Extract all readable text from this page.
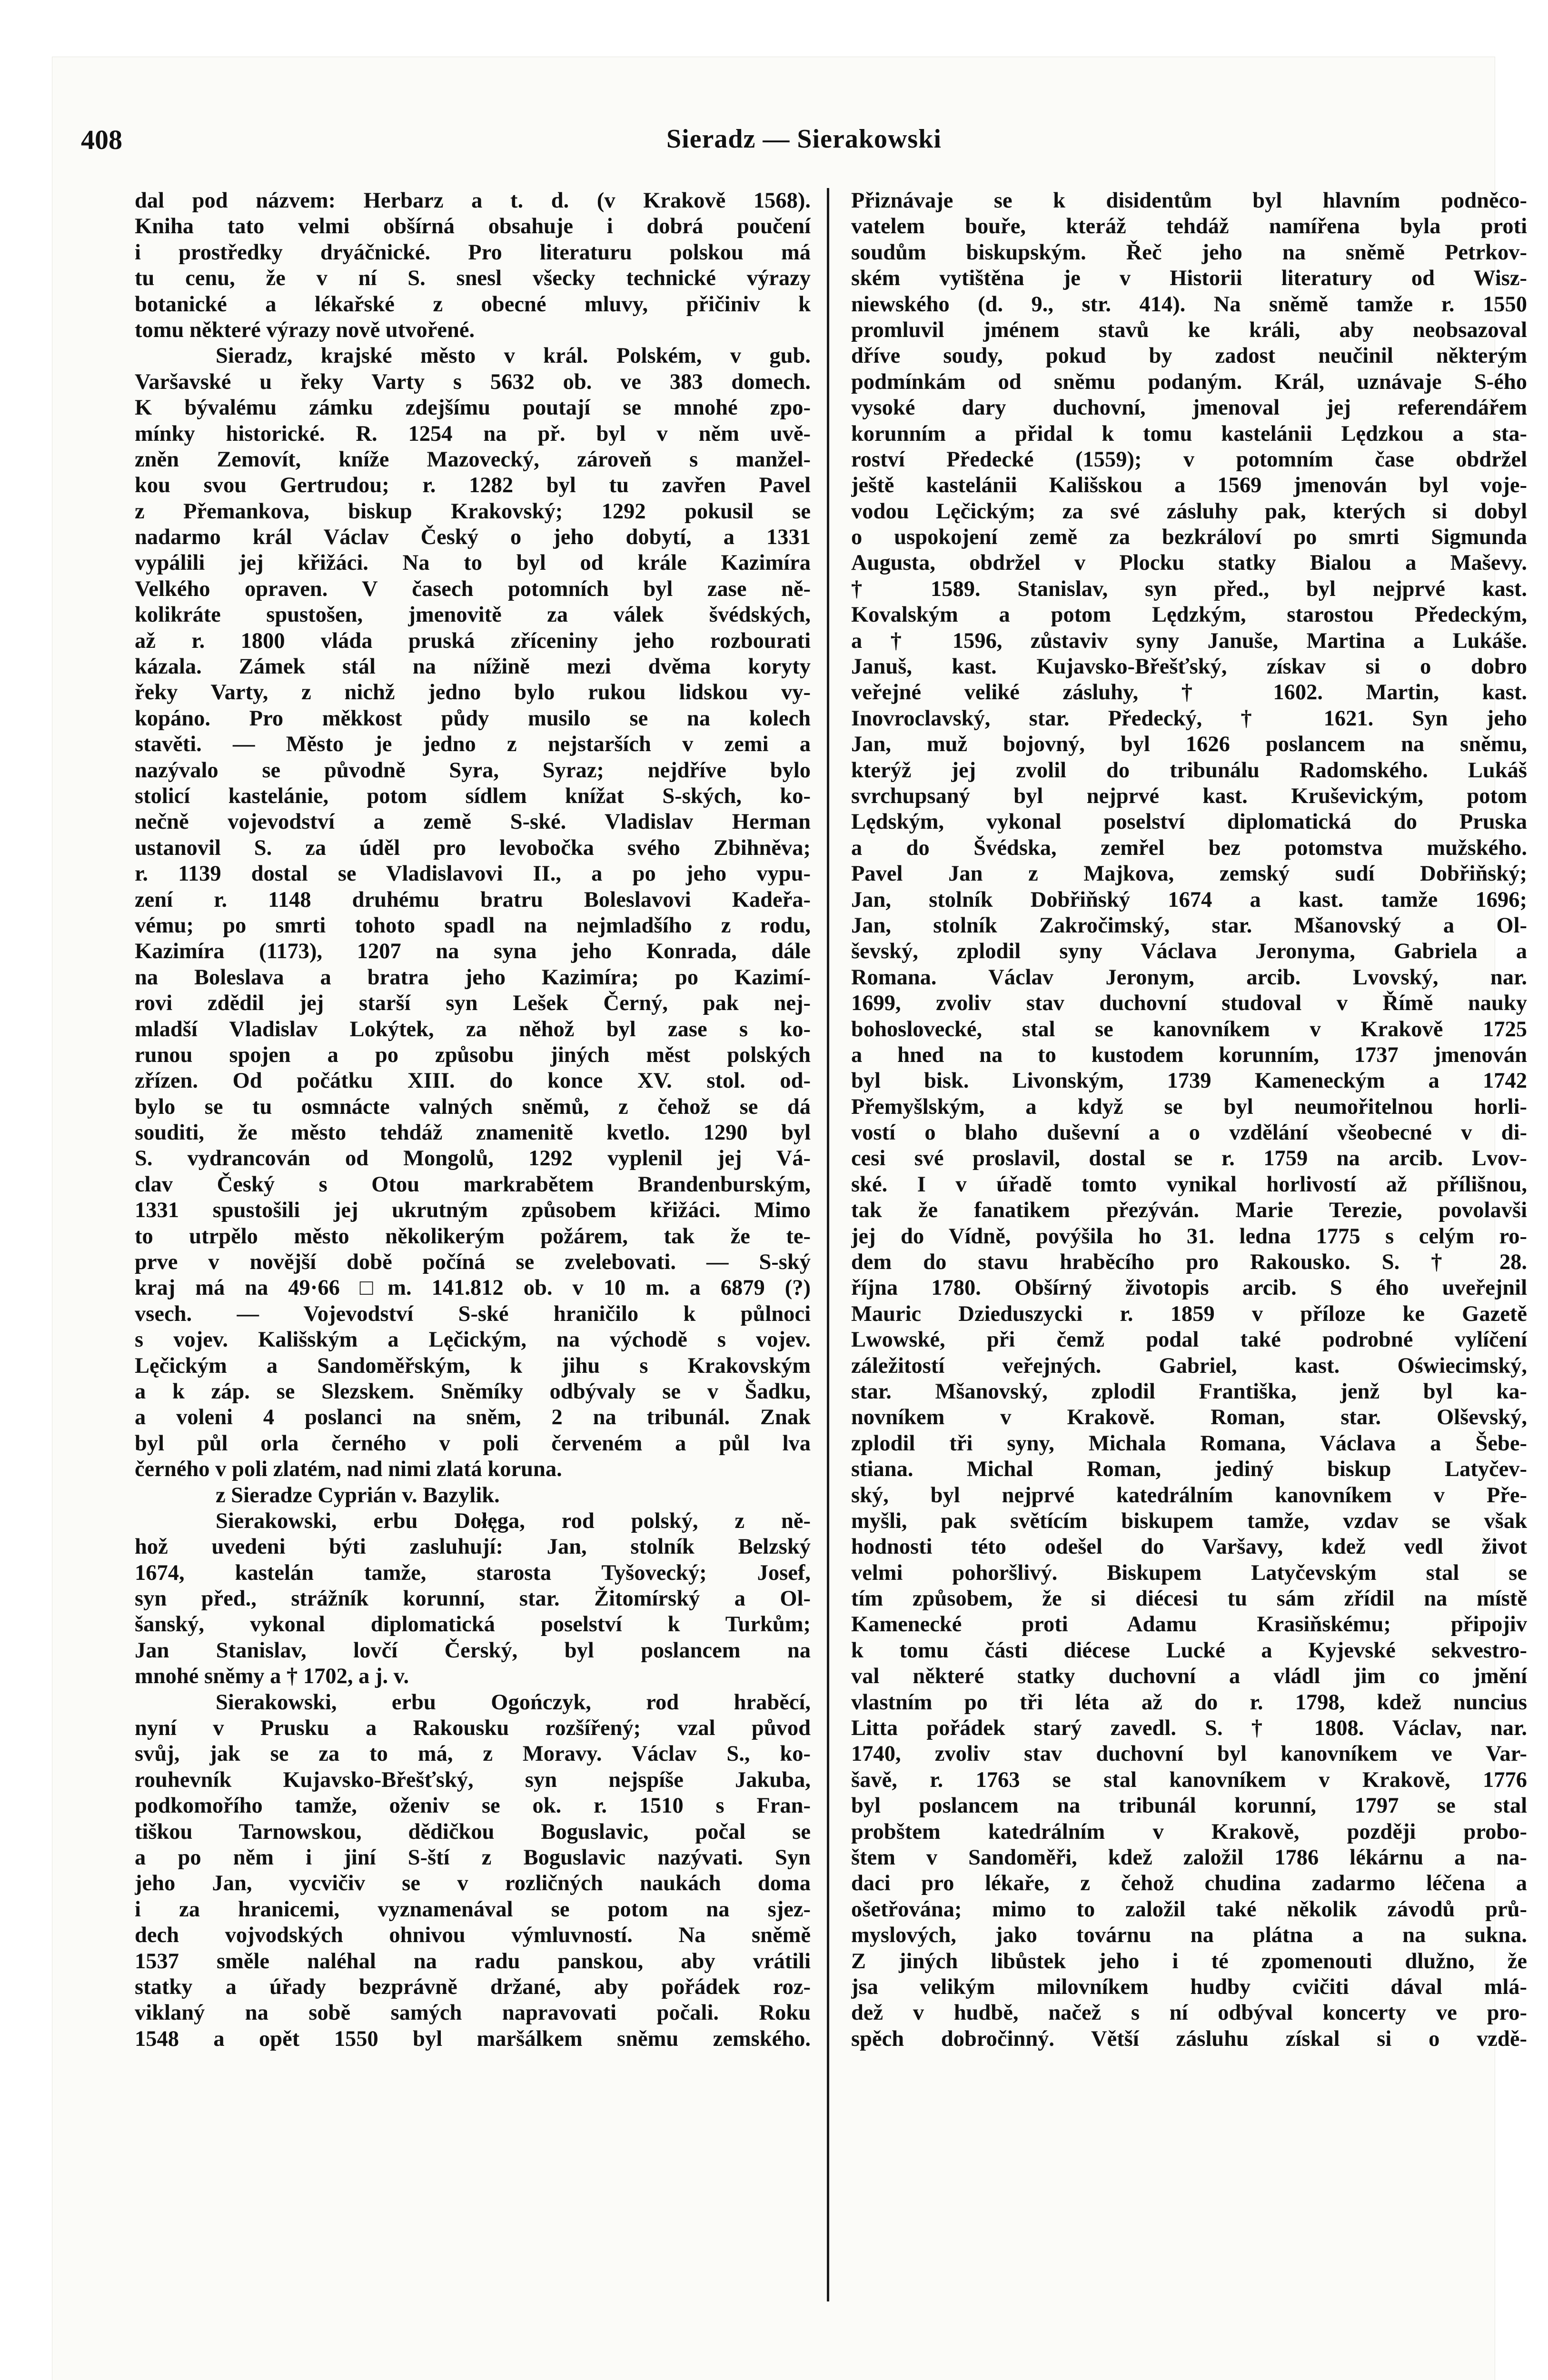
408	Sieradz — Sierakowski
dal pod názvem: Herbarz a t. d. (v Krakově 1568).
Kniha tato velmi obšírná obsahuje i dobrá poučení
i prostředky dryáčnické. Pro literaturu polskou má
tu cenu, že v ní S. snesl všecky technické výrazy
botanické a lékařské z obecné mluvy, přičiniv k
tomu některé výrazy nově utvořené.
Sieradz, krajské město v král. Polském, v gub.
Varšavské u řeky Varty s 5632 ob. ve 383 domech.
K bývalému zámku zdejšímu poutají se mnohé zpo-
mínky historické. R. 1254 na př. byl v něm uvě-
zněn Zemovít, kníže Mazovecký, zároveň s manžel-
kou svou Gertrudou; r. 1282 byl tu zavřen Pavel
z Přemankova, biskup Krakovský; 1292 pokusil se
nadarmo král Václav Český o jeho dobytí, a 1331
vypálili jej křižáci. Na to byl od krále Kazimíra
Velkého opraven. V časech potomních byl zase ně-
kolikráte spustošen, jmenovitě za válek švédských,
až r. 1800 vláda pruská zříceniny jeho rozbourati
kázala. Zámek stál na nížině mezi dvěma koryty
řeky Varty, z nichž jedno bylo rukou lidskou vy-
kopáno. Pro měkkost půdy musilo se na kolech
stavěti. — Město je jedno z nejstarších v zemi a
nazývalo se původně Syra, Syraz; nejdříve bylo
stolicí kastelánie, potom sídlem knížat S-ských, ko-
nečně vojevodství a země S-ské. Vladislav Herman
ustanovil S. za úděl pro levobočka svého Zbihněva;
r. 1139 dostal se Vladislavovi II., a po jeho vypu-
zení r. 1148 druhému bratru Boleslavovi Kadeřa-
vému; po smrti tohoto spadl na nejmladšího z rodu,
Kazimíra (1173), 1207 na syna jeho Konrada, dále
na Boleslava a bratra jeho Kazimíra; po Kazimí-
rovi zdědil jej starší syn Lešek Černý, pak nej-
mladší Vladislav Lokýtek, za něhož byl zase s ko-
runou spojen a po způsobu jiných měst polských
zřízen. Od počátku XIII. do konce XV. stol. od-
bylo se tu osmnácte valných sněmů, z čehož se dá
souditi, že město tehdáž znamenitě kvetlo. 1290 byl
S. vydrancován od Mongolů, 1292 vyplenil jej Vá-
clav Český s Otou markrabětem Brandenburským,
1331 spustošili jej ukrutným způsobem křižáci. Mimo
to utrpělo město několikerým požárem, tak že te-
prve v novější době počíná se zvelebovati. — S-ský
kraj má na 49·66 □m. 141.812 ob. v 10 m. a 6879 (?)
vsech. — Vojevodství S-ské hraničilo k půlnoci
s vojev. Kališským a Lęčickým, na východě s vojev.
Lęčickým a Sandoměřským, k jihu s Krakovským
a k záp. se Slezskem. Sněmíky odbývaly se v Šadku,
a voleni 4 poslanci na sněm, 2 na tribunál. Znak
byl půl orla černého v poli červeném a půl lva
černého v poli zlatém, nad nimi zlatá koruna.
z Sieradze Cyprián v. Bazylik.
Sierakowski, erbu Dołęga, rod polský, z ně-
hož uvedeni býti zasluhují: Jan, stolník Belzský
1674, kastelán tamže, starosta Tyšovecký; Josef,
syn před., strážník korunní, star. Žitomírský a Ol-
šanský, vykonal diplomatická poselství k Turkům;
Jan Stanislav, lovčí Čerský, byl poslancem na
mnohé sněmy a † 1702, a j. v.
Sierakowski, erbu Ogończyk, rod hraběcí,
nyní v Prusku a Rakousku rozšířený; vzal původ
svůj, jak se za to má, z Moravy. Václav S., ko-
rouhevník Kujavsko-Břešťský, syn nejspíše Jakuba,
podkomořího tamže, oženiv se ok. r. 1510 s Fran-
tiškou Tarnowskou, dědičkou Boguslavic, počal se
a po něm i jiní S-ští z Boguslavic nazývati. Syn
jeho Jan, vycvičiv se v rozličných naukách doma
i za hranicemi, vyznamenával se potom na sjez-
dech vojvodských ohnivou výmluvností. Na sněmě
1537 směle naléhal na radu panskou, aby vrátili
statky a úřady bezprávně držané, aby pořádek roz-
viklaný na sobě samých napravovati počali. Roku
1548 a opět 1550 byl maršálkem sněmu zemského.
Přiznávaje se k disidentům byl hlavním podněco-
vatelem bouře, kteráž tehdáž namířena byla proti
soudům biskupským. Řeč jeho na sněmě Petrkov-
ském vytištěna je v Historii literatury od Wisz-
niewského (d. 9., str. 414). Na sněmě tamže r. 1550
promluvil jménem stavů ke králi, aby neobsazoval
dříve soudy, pokud by zadost neučinil některým
podmínkám od sněmu podaným. Král, uznávaje S-ého
vysoké dary duchovní, jmenoval jej referendářem
korunním a přidal k tomu kastelánii Lędzkou a sta-
roství Předecké (1559); v potomním čase obdržel
ještě kastelánii Kališskou a 1569 jmenován byl voje-
vodou Lęčickým; za své zásluhy pak, kterých si dobyl
o uspokojení země za bezkráloví po smrti Sigmunda
Augusta, obdržel v Plocku statky Bialou a Maševy.
† 1589. Stanislav, syn před., byl nejprvé kast.
Kovalským a potom Lędzkým, starostou Předeckým,
a † 1596, zůstaviv syny Januše, Martina a Lukáše.
Januš, kast. Kujavsko-Břešťský, získav si o dobro
veřejné veliké zásluhy, † 1602. Martin, kast.
Inovroclavský, star. Předecký, † 1621. Syn jeho
Jan, muž bojovný, byl 1626 poslancem na sněmu,
kterýž jej zvolil do tribunálu Radomského. Lukáš
svrchupsaný byl nejprvé kast. Kruševickým, potom
Lędským, vykonal poselství diplomatická do Pruska
a do Švédska, zemřel bez potomstva mužského.
Pavel Jan z Majkova, zemský sudí Dobřiňský;
Jan, stolník Dobřiňský 1674 a kast. tamže 1696;
Jan, stolník Zakročimský, star. Mšanovský a Ol-
ševský, zplodil syny Václava Jeronyma, Gabriela a
Romana. Václav Jeronym, arcib. Lvovský, nar.
1699, zvoliv stav duchovní studoval v Římě nauky
bohoslovecké, stal se kanovníkem v Krakově 1725
a hned na to kustodem korunním, 1737 jmenován
byl bisk. Livonským, 1739 Kameneckým a 1742
Přemyšlským, a když se byl neumořitelnou horli-
vostí o blaho duševní a o vzdělání všeobecné v di-
cesi své proslavil, dostal se r. 1759 na arcib. Lvov-
ské. I v úřadě tomto vynikal horlivostí až přílišnou,
tak že fanatikem přezýván. Marie Terezie, povolavši
jej do Vídně, povýšila ho 31. ledna 1775 s celým ro-
dem do stavu hraběcího pro Rakousko. S. † 28.
října 1780. Obšírný životopis arcib. S ého uveřejnil
Mauric Dzieduszycki r. 1859 v příloze ke Gazetě
Lwowské, při čemž podal také podrobné vylíčení
záležitostí veřejných. Gabriel, kast. Oświecimský,
star. Mšanovský, zplodil Františka, jenž byl ka-
novníkem v Krakově. Roman, star. Olševský,
zplodil tři syny, Michala Romana, Václava a Šebe-
stiana. Michal Roman, jediný biskup Latyčev-
ský, byl nejprvé katedrálním kanovníkem v Pře-
myšli, pak světícím biskupem tamže, vzdav se však
hodnosti této odešel do Varšavy, kdež vedl život
velmi pohoršlivý. Biskupem Latyčevským stal se
tím způsobem, že si diécesi tu sám zřídil na místě
Kamenecké proti Adamu Krasiňskému; připojiv
k tomu části diécese Lucké a Kyjevské sekvestro-
val některé statky duchovní a vládl jim co jmění
vlastním po tři léta až do r. 1798, kdež nuncius
Litta pořádek starý zavedl. S. † 1808. Václav, nar.
1740, zvoliv stav duchovní byl kanovníkem ve Var-
šavě, r. 1763 se stal kanovníkem v Krakově, 1776
byl poslancem na tribunál korunní, 1797 se stal
probštem katedrálním v Krakově, později probo-
štem v Sandoměři, kdež založil 1786 lékárnu a na-
daci pro lékaře, z čehož chudina zadarmo léčena a
ošetřována; mimo to založil také několik závodů prů-
myslových, jako továrnu na plátna a na sukna.
Z jiných libůstek jeho i té zpomenouti dlužno, že
jsa velikým milovníkem hudby cvičiti dával mlá-
dež v hudbě, načež s ní odbýval koncerty ve pro-
spěch dobročinný. Větší zásluhu získal si o vzdě-
